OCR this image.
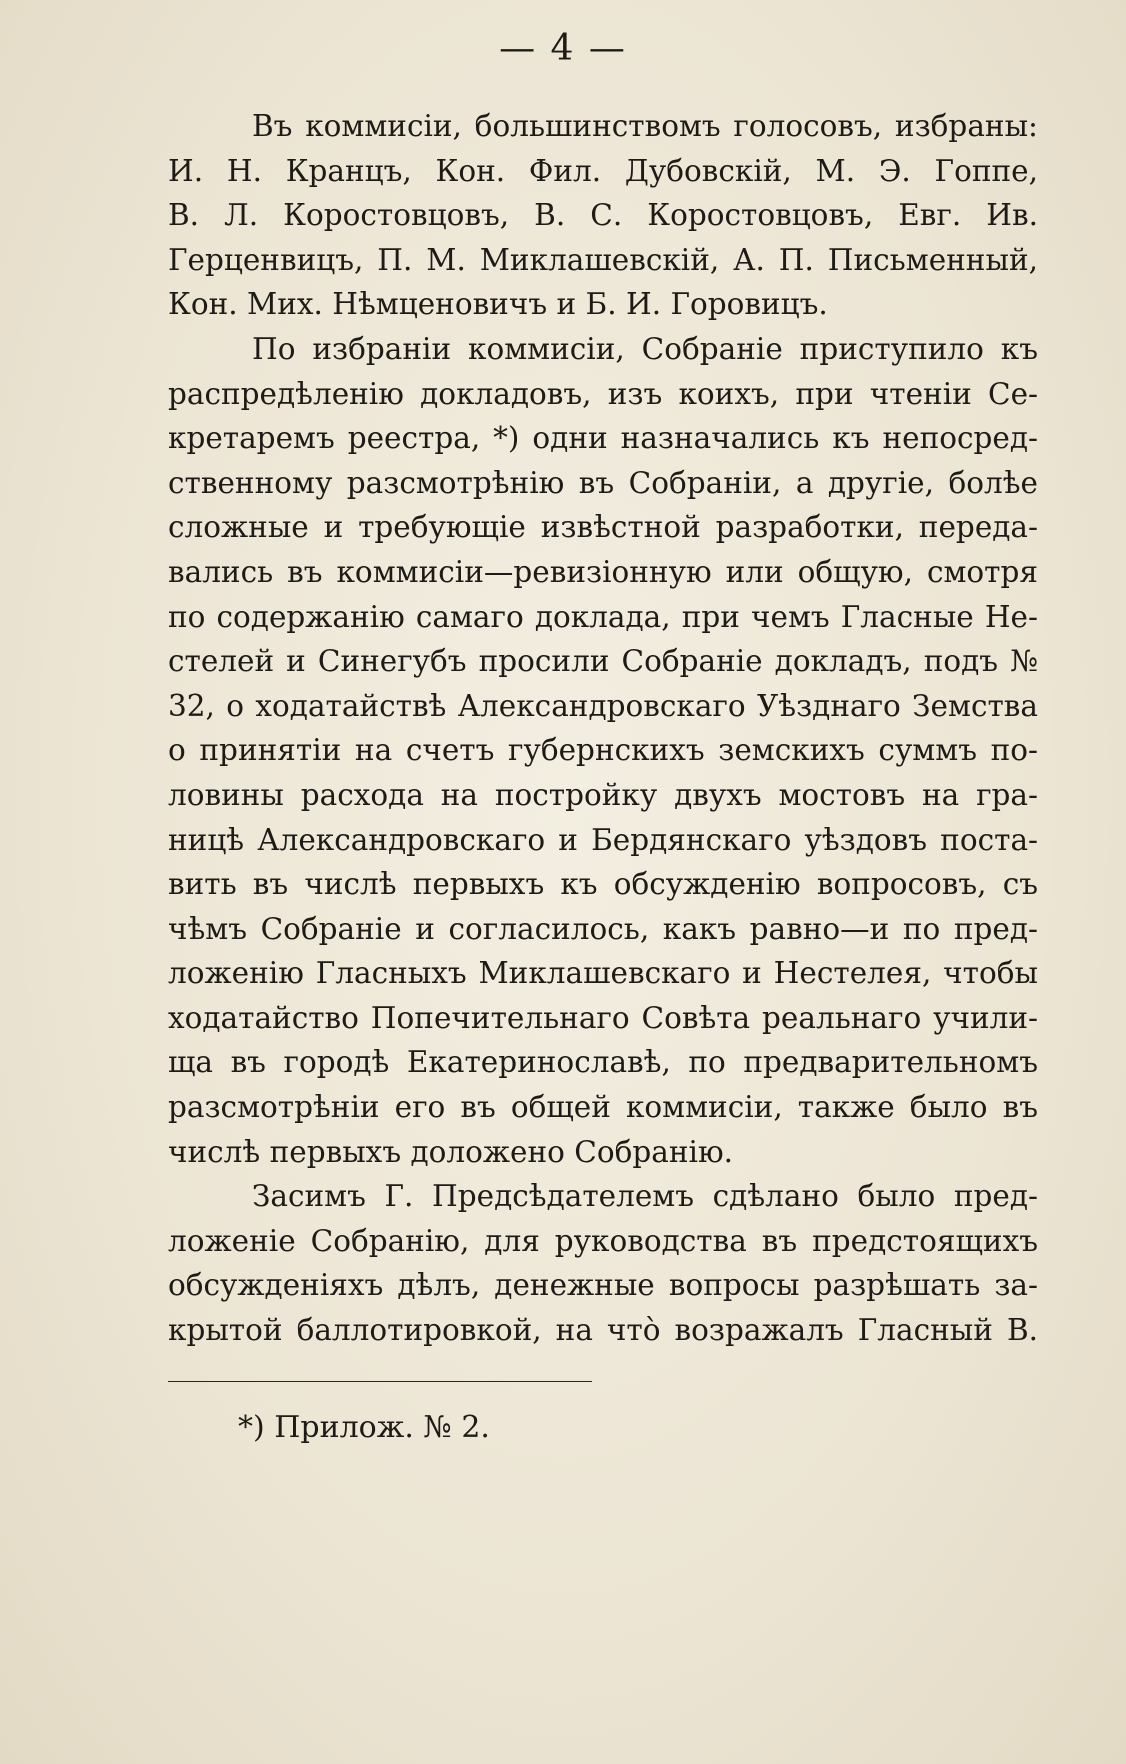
— 4 —
Въ коммисiи, большинствомъ голосовъ, избраны:
И. Н. Кранцъ, Кон. Фил. Дубовскiй, М. Э. Гоппе,
В. Л. Коростовцовъ, В. С. Коростовцовъ, Евг. Ив.
Герценвицъ, П. М. Миклашевскiй, А. П. Письменный,
Кон. Мих. Нѣмценовичъ и Б. И. Горовицъ.
По избранiи коммисiи, Собранiе приступило къ
распредѣленiю докладовъ, изъ коихъ, при чтенiи Се-
кретаремъ реестра, *) одни назначались къ непосред-
ственному разсмотрѣнiю въ Собранiи, а другiе, болѣе
сложные и требующiе извѣстной разработки, переда-
вались въ коммисiи—ревизiонную или общую, смотря
по содержанiю самаго доклада, при чемъ Гласные Не-
стелей и Синегубъ просили Собранiе докладъ, подъ №
32, о ходатайствѣ Александровскаго Уѣзднаго Земства
о принятiи на счетъ губернскихъ земскихъ суммъ по-
ловины расхода на постройку двухъ мостовъ на гра-
ницѣ Александровскаго и Бердянскаго уѣздовъ поста-
вить въ числѣ первыхъ къ обсужденiю вопросовъ, съ
чѣмъ Собранiе и согласилось, какъ равно—и по пред-
ложенiю Гласныхъ Миклашевскаго и Нестелея, чтобы
ходатайство Попечительнаго Совѣта реальнаго учили-
ща въ городѣ Екатеринославѣ, по предварительномъ
разсмотрѣнiи его въ общей коммисiи, также было въ
числѣ первыхъ доложено Собранiю.
Засимъ Г. Предсѣдателемъ сдѣлано было пред-
ложенiе Собранiю, для руководства въ предстоящихъ
обсужденiяхъ дѣлъ, денежные вопросы разрѣшать за-
крытой баллотировкой, на что̀ возражалъ Гласный В.
*) Прилож. № 2.
